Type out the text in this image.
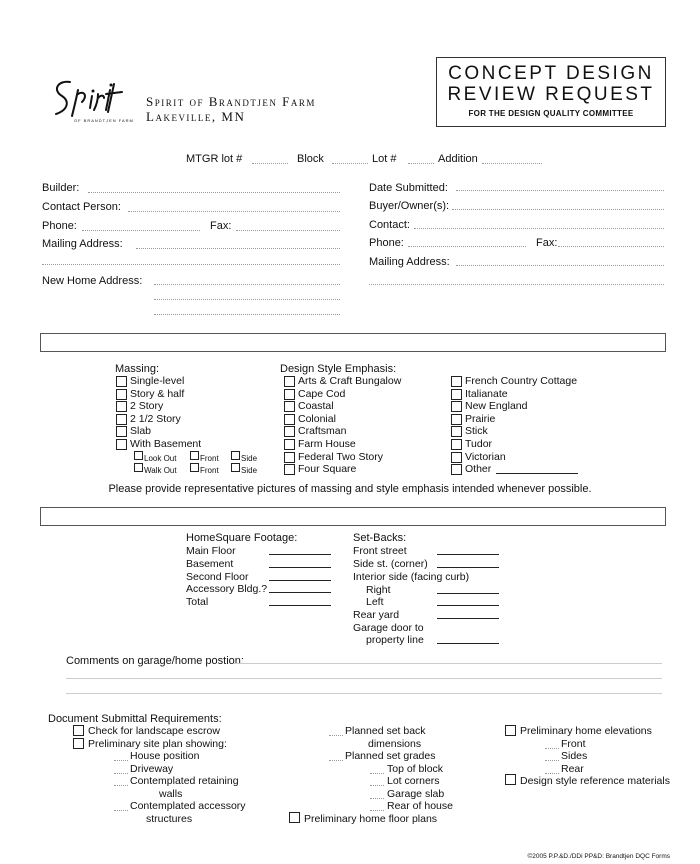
OF BRANDTJEN FARM
Spirit of Brandtjen Farm
Lakeville, MN
CONCEPT DESIGN
REVIEW REQUEST
FOR THE DESIGN QUALITY COMMITTEE
MTGR lot #	Block	Lot #	Addition
Builder:
Contact Person:
Phone:	Fax:
Mailing Address:
New Home Address:
Date Submitted:
Buyer/Owner(s):
Contact:
Phone:	Fax:
Mailing Address:
Massing:
Single-level
Story & half
2 Story
2 1/2 Story
Slab
With Basement
Look Out	Front	Side
Walk Out	Front	Side
Design Style Emphasis:
Arts & Craft Bungalow
Cape Cod
Coastal
Colonial
Craftsman
Farm House
Federal Two Story
Four Square
French Country Cottage
Italianate
New England
Prairie
Stick
Tudor
Victorian
Other
Please provide representative pictures of massing and style emphasis intended whenever possible.
HomeSquare Footage:
Main Floor
Basement
Second Floor
Accessory Bldg.?
Total
Set-Backs:
Front street
Side st. (corner)
Interior side (facing curb)
Right
Left
Rear yard
Garage door to
property line
Comments on garage/home postion:
Document Submittal Requirements:
Check for landscape escrow
Preliminary site plan showing:
House position
Driveway
Contemplated retaining
walls
Contemplated accessory
structures
Planned set back
dimensions
Planned set grades
Top of block
Lot corners
Garage slab
Rear of house
Preliminary home floor plans
Preliminary home elevations
Front
Sides
Rear
Design style reference materials
©2005 P.P.&D./DDi PP&D: Brandtjen DQC Forms
